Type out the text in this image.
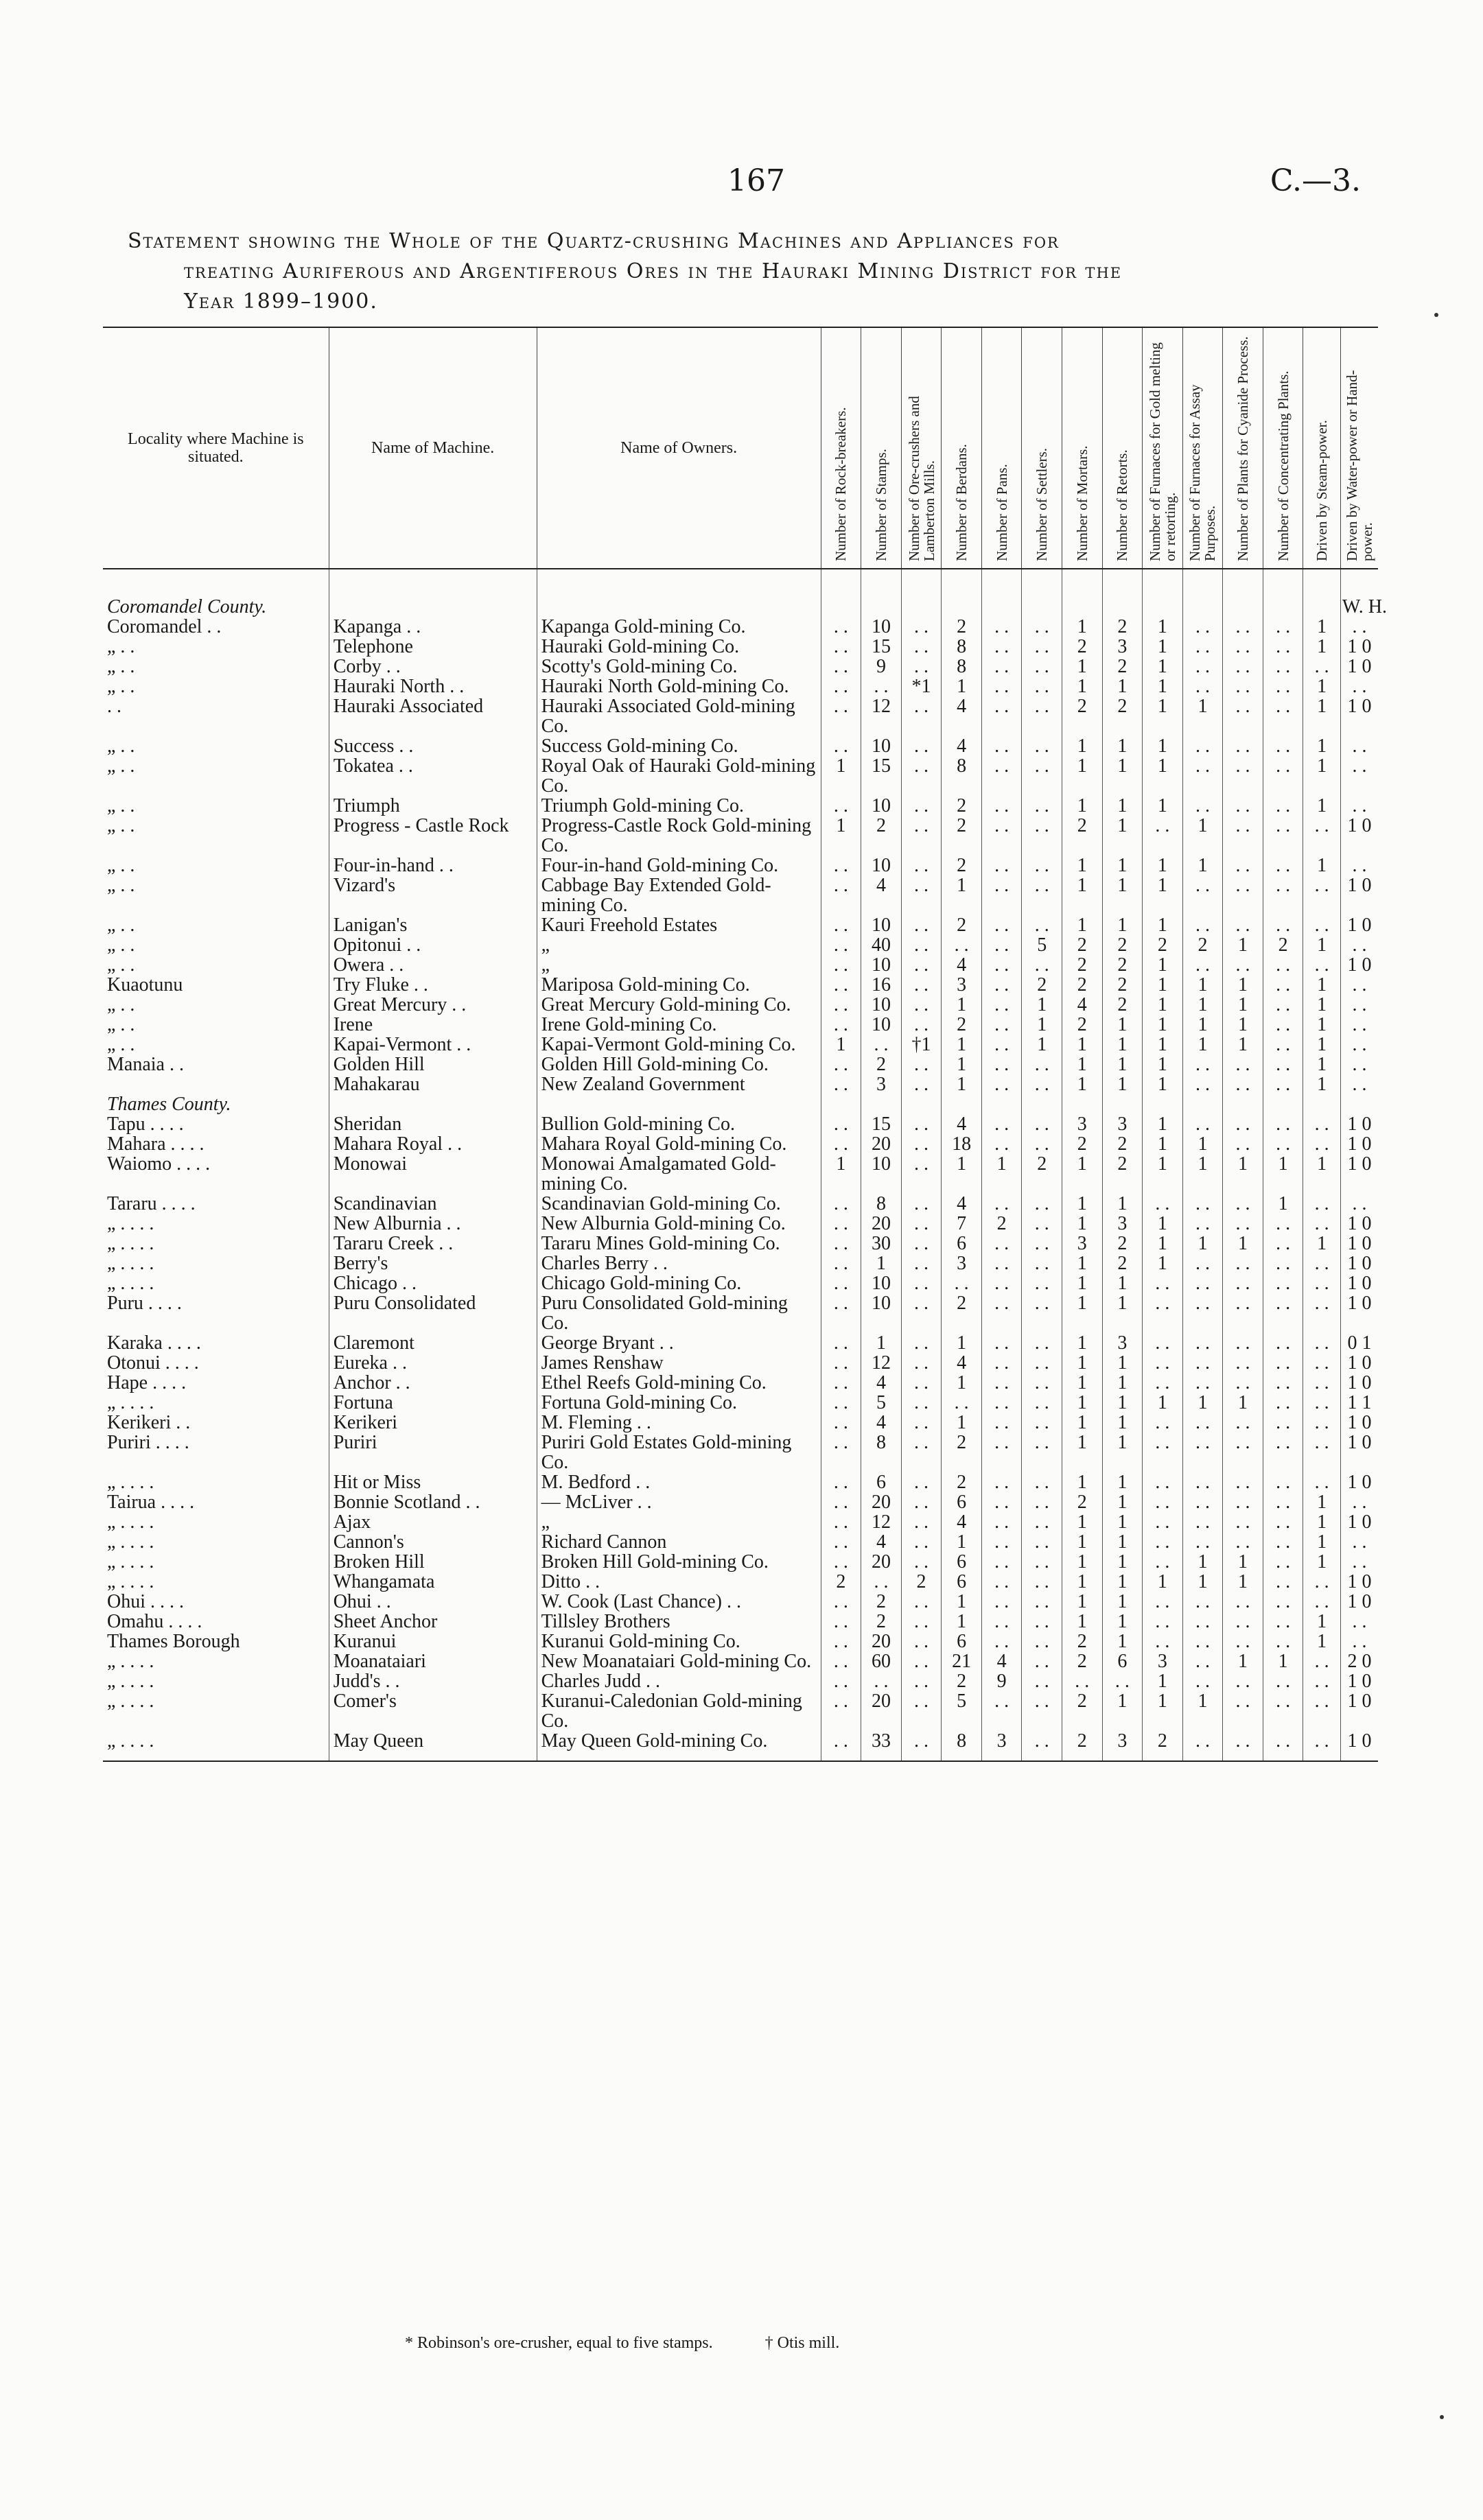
167	C.—3.
Statement showing the Whole of the Quartz-crushing Machines and Appliances for
treating Auriferous and Argentiferous Ores in the Hauraki Mining District for the
Year 1899–1900.
Locality where Machine is situated.	Name of Machine.	Name of Owners.	Number of Rock-breakers.	Number of Stamps.	Number of Ore-crushers and Lamberton Mills.	Number of Berdans.	Number of Pans.	Number of Settlers.	Number of Mortars.	Number of Retorts.	Number of Furnaces for Gold melting or retorting.	Number of Furnaces for Assay Purposes.	Number of Plants for Cyanide Process.	Number of Concentrating Plants.	Driven by Steam-power.	Driven by Water-power or Hand-power.

Coromandel County.																W. H.
Coromandel . .	Kapanga . .	Kapanga Gold-mining Co.	. .	10	. .	2	. .	. .	1	2	1	. .	. .	. .	1	. .
„ . .	Telephone	Hauraki Gold-mining Co.	. .	15	. .	8	. .	. .	2	3	1	. .	. .	. .	1	1 0
„ . .	Corby . .	Scotty's Gold-mining Co.	. .	9	. .	8	. .	. .	1	2	1	. .	. .	. .	. .	1 0
„ . .	Hauraki North . .	Hauraki North Gold-mining Co.	. .	. .	*1	1	. .	. .	1	1	1	. .	. .	. .	1	. .
. .	Hauraki Associated	Hauraki Associated Gold-mining Co.	. .	12	. .	4	. .	. .	2	2	1	1	. .	. .	1	1 0
„ . .	Success . .	Success Gold-mining Co.	. .	10	. .	4	. .	. .	1	1	1	. .	. .	. .	1	. .
„ . .	Tokatea . .	Royal Oak of Hauraki Gold-mining Co.	1	15	. .	8	. .	. .	1	1	1	. .	. .	. .	1	. .
„ . .	Triumph	Triumph Gold-mining Co.	. .	10	. .	2	. .	. .	1	1	1	. .	. .	. .	1	. .
„ . .	Progress - Castle Rock	Progress-Castle Rock Gold-mining Co.	1	2	. .	2	. .	. .	2	1	. .	1	. .	. .	. .	1 0
„ . .	Four-in-hand . .	Four-in-hand Gold-mining Co.	. .	10	. .	2	. .	. .	1	1	1	1	. .	. .	1	. .
„ . .	Vizard's	Cabbage Bay Extended Gold-mining Co.	. .	4	. .	1	. .	. .	1	1	1	. .	. .	. .	. .	1 0
„ . .	Lanigan's	Kauri Freehold Estates	. .	10	. .	2	. .	. .	1	1	1	. .	. .	. .	. .	1 0
„ . .	Opitonui . .	„	. .	40	. .	. .	. .	5	2	2	2	2	1	2	1	. .
„ . .	Owera . .	„	. .	10	. .	4	. .	. .	2	2	1	. .	. .	. .	. .	1 0
Kuaotunu	Try Fluke . .	Mariposa Gold-mining Co.	. .	16	. .	3	. .	2	2	2	1	1	1	. .	1	. .
„ . .	Great Mercury . .	Great Mercury Gold-mining Co.	. .	10	. .	1	. .	1	4	2	1	1	1	. .	1	. .
„ . .	Irene	Irene Gold-mining Co.	. .	10	. .	2	. .	1	2	1	1	1	1	. .	1	. .
„ . .	Kapai-Vermont . .	Kapai-Vermont Gold-mining Co.	1	. .	†1	1	. .	1	1	1	1	1	1	. .	1	. .
Manaia . .	Golden Hill	Golden Hill Gold-mining Co.	. .	2	. .	1	. .	. .	1	1	1	. .	. .	. .	1	. .
	Mahakarau	New Zealand Government	. .	3	. .	1	. .	. .	1	1	1	. .	. .	. .	1	. .
Thames County.																
Tapu . . . .	Sheridan	Bullion Gold-mining Co.	. .	15	. .	4	. .	. .	3	3	1	. .	. .	. .	. .	1 0
Mahara . . . .	Mahara Royal . .	Mahara Royal Gold-mining Co.	. .	20	. .	18	. .	. .	2	2	1	1	. .	. .	. .	1 0
Waiomo . . . .	Monowai	Monowai Amalgamated Gold-mining Co.	1	10	. .	1	1	2	1	2	1	1	1	1	1	1 0
Tararu . . . .	Scandinavian	Scandinavian Gold-mining Co.	. .	8	. .	4	. .	. .	1	1	. .	. .	. .	1	. .	. .
„ . . . .	New Alburnia . .	New Alburnia Gold-mining Co.	. .	20	. .	7	2	. .	1	3	1	. .	. .	. .	. .	1 0
„ . . . .	Tararu Creek . .	Tararu Mines Gold-mining Co.	. .	30	. .	6	. .	. .	3	2	1	1	1	. .	1	1 0
„ . . . .	Berry's	Charles Berry . .	. .	1	. .	3	. .	. .	1	2	1	. .	. .	. .	. .	1 0
„ . . . .	Chicago . .	Chicago Gold-mining Co.	. .	10	. .	. .	. .	. .	1	1	. .	. .	. .	. .	. .	1 0
Puru . . . .	Puru Consolidated	Puru Consolidated Gold-mining Co.	. .	10	. .	2	. .	. .	1	1	. .	. .	. .	. .	. .	1 0
Karaka . . . .	Claremont	George Bryant . .	. .	1	. .	1	. .	. .	1	3	. .	. .	. .	. .	. .	0 1
Otonui . . . .	Eureka . .	James Renshaw	. .	12	. .	4	. .	. .	1	1	. .	. .	. .	. .	. .	1 0
Hape . . . .	Anchor . .	Ethel Reefs Gold-mining Co.	. .	4	. .	1	. .	. .	1	1	. .	. .	. .	. .	. .	1 0
„ . . . .	Fortuna	Fortuna Gold-mining Co.	. .	5	. .	. .	. .	. .	1	1	1	1	1	. .	. .	1 1
Kerikeri . .	Kerikeri	M. Fleming . .	. .	4	. .	1	. .	. .	1	1	. .	. .	. .	. .	. .	1 0
Puriri . . . .	Puriri	Puriri Gold Estates Gold-mining Co.	. .	8	. .	2	. .	. .	1	1	. .	. .	. .	. .	. .	1 0
„ . . . .	Hit or Miss	M. Bedford . .	. .	6	. .	2	. .	. .	1	1	. .	. .	. .	. .	. .	1 0
Tairua . . . .	Bonnie Scotland . .	— McLiver . .	. .	20	. .	6	. .	. .	2	1	. .	. .	. .	. .	1	. .
„ . . . .	Ajax	„	. .	12	. .	4	. .	. .	1	1	. .	. .	. .	. .	1	1 0
„ . . . .	Cannon's	Richard Cannon	. .	4	. .	1	. .	. .	1	1	. .	. .	. .	. .	1	. .
„ . . . .	Broken Hill	Broken Hill Gold-mining Co.	. .	20	. .	6	. .	. .	1	1	. .	1	1	. .	1	. .
„ . . . .	Whangamata	Ditto . .	2	. .	2	6	. .	. .	1	1	1	1	1	. .	. .	1 0
Ohui . . . .	Ohui . .	W. Cook (Last Chance) . .	. .	2	. .	1	. .	. .	1	1	. .	. .	. .	. .	. .	1 0
Omahu . . . .	Sheet Anchor	Tillsley Brothers	. .	2	. .	1	. .	. .	1	1	. .	. .	. .	. .	1	. .
Thames Borough	Kuranui	Kuranui Gold-mining Co.	. .	20	. .	6	. .	. .	2	1	. .	. .	. .	. .	1	. .
„ . . . .	Moanataiari	New Moanataiari Gold-mining Co.	. .	60	. .	21	4	. .	2	6	3	. .	1	1	. .	2 0
„ . . . .	Judd's . .	Charles Judd . .	. .	. .	. .	2	9	. .	. .	. .	1	. .	. .	. .	. .	1 0
„ . . . .	Comer's	Kuranui-Caledonian Gold-mining Co.	. .	20	. .	5	. .	. .	2	1	1	1	. .	. .	. .	1 0
„ . . . .	May Queen	May Queen Gold-mining Co.	. .	33	. .	8	3	. .	2	3	2	. .	. .	. .	. .	1 0
* Robinson's ore-crusher, equal to five stamps.	† Otis mill.
